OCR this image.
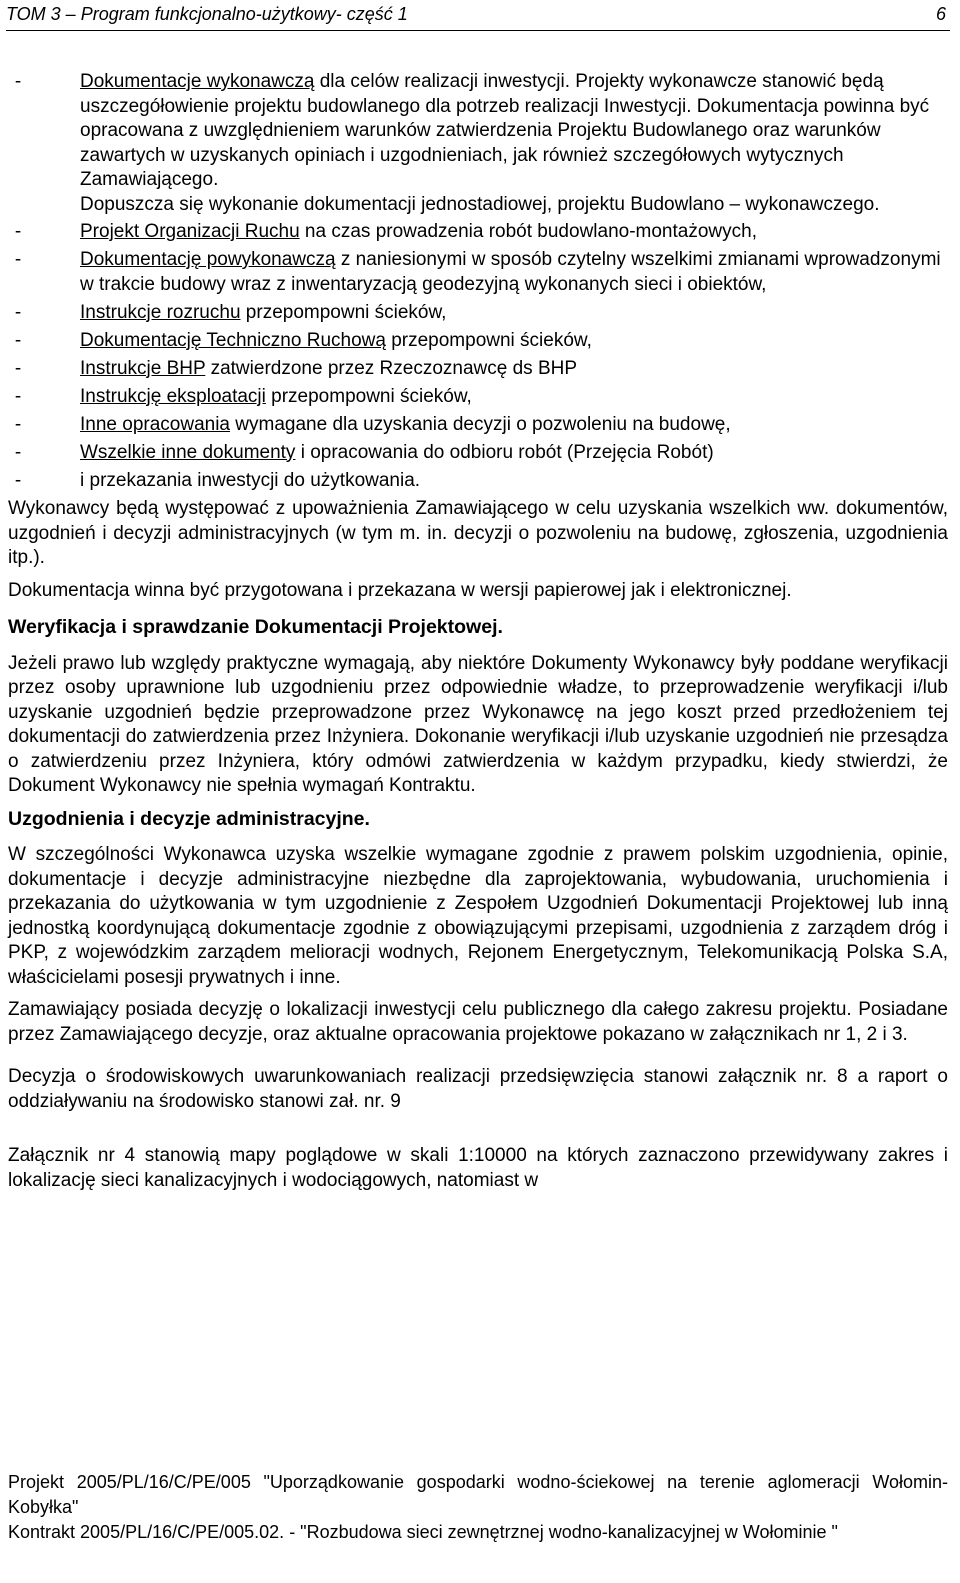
TOM 3 – Program funkcjonalno-użytkowy- część 1	6
-	Dokumentacje wykonawczą dla celów realizacji inwestycji. Projekty wykonawcze stanowić będą uszczegółowienie projektu budowlanego dla potrzeb realizacji Inwestycji. Dokumentacja powinna być opracowana z uwzględnieniem warunków zatwierdzenia Projektu Budowlanego oraz warunków zawartych w uzyskanych opiniach i uzgodnieniach, jak również szczegółowych wytycznych Zamawiającego.

Dopuszcza się wykonanie dokumentacji jednostadiowej, projektu Budowlano – wykonawczego.

-	Projekt Organizacji Ruchu na czas prowadzenia robót budowlano-montażowych,
-	Dokumentację powykonawczą z naniesionymi w sposób czytelny wszelkimi zmianami wprowadzonymi w trakcie budowy wraz z inwentaryzacją geodezyjną wykonanych sieci i obiektów,
-	Instrukcje rozruchu przepompowni ścieków,
-	Dokumentację Techniczno Ruchową przepompowni ścieków,
-	Instrukcje BHP zatwierdzone przez Rzeczoznawcę ds BHP
-	Instrukcję eksploatacji przepompowni ścieków,
-	Inne opracowania wymagane dla uzyskania decyzji o pozwoleniu na budowę,
-	Wszelkie inne dokumenty i opracowania do odbioru robót (Przejęcia Robót)
-	i przekazania inwestycji do użytkowania.

Wykonawcy będą występować z upoważnienia Zamawiającego w celu uzyskania wszelkich ww. dokumentów, uzgodnień i decyzji administracyjnych (w tym m. in. decyzji o pozwoleniu na budowę, zgłoszenia, uzgodnienia itp.).

Dokumentacja winna być przygotowana i przekazana w wersji papierowej jak i elektronicznej.

Weryfikacja i sprawdzanie Dokumentacji Projektowej.

Jeżeli prawo lub względy praktyczne wymagają, aby niektóre Dokumenty Wykonawcy były poddane weryfikacji przez osoby uprawnione lub uzgodnieniu przez odpowiednie władze, to przeprowadzenie weryfikacji i/lub uzyskanie uzgodnień będzie przeprowadzone przez Wykonawcę na jego koszt przed przedłożeniem tej dokumentacji do zatwierdzenia przez Inżyniera. Dokonanie weryfikacji i/lub uzyskanie uzgodnień nie przesądza o zatwierdzeniu przez Inżyniera, który odmówi zatwierdzenia w każdym przypadku, kiedy stwierdzi, że Dokument Wykonawcy nie spełnia wymagań Kontraktu.

Uzgodnienia i decyzje administracyjne.

W szczególności Wykonawca uzyska wszelkie wymagane zgodnie z prawem polskim uzgodnienia, opinie, dokumentacje i decyzje administracyjne niezbędne dla zaprojektowania, wybudowania, uruchomienia i przekazania do użytkowania w tym uzgodnienie z Zespołem Uzgodnień Dokumentacji Projektowej lub inną jednostką koordynującą dokumentacje zgodnie z obowiązującymi przepisami, uzgodnienia z zarządem dróg i PKP, z wojewódzkim zarządem melioracji wodnych, Rejonem Energetycznym, Telekomunikacją Polska S.A, właścicielami posesji prywatnych i inne.

Zamawiający posiada decyzję o lokalizacji inwestycji celu publicznego dla całego zakresu projektu. Posiadane przez Zamawiającego decyzje, oraz aktualne opracowania projektowe pokazano w załącznikach nr 1, 2 i 3.

Decyzja o środowiskowych uwarunkowaniach realizacji przedsięwzięcia stanowi załącznik nr. 8 a raport o oddziaływaniu na środowisko stanowi zał. nr. 9

Załącznik nr 4 stanowią mapy poglądowe w skali 1:10000 na których zaznaczono przewidywany zakres i lokalizację sieci kanalizacyjnych i wodociągowych, natomiast w

Projekt 2005/PL/16/C/PE/005 "Uporządkowanie gospodarki wodno-ściekowej na terenie aglomeracji Wołomin-Kobyłka"

Kontrakt 2005/PL/16/C/PE/005.02. - "Rozbudowa sieci zewnętrznej wodno-kanalizacyjnej w Wołominie "
